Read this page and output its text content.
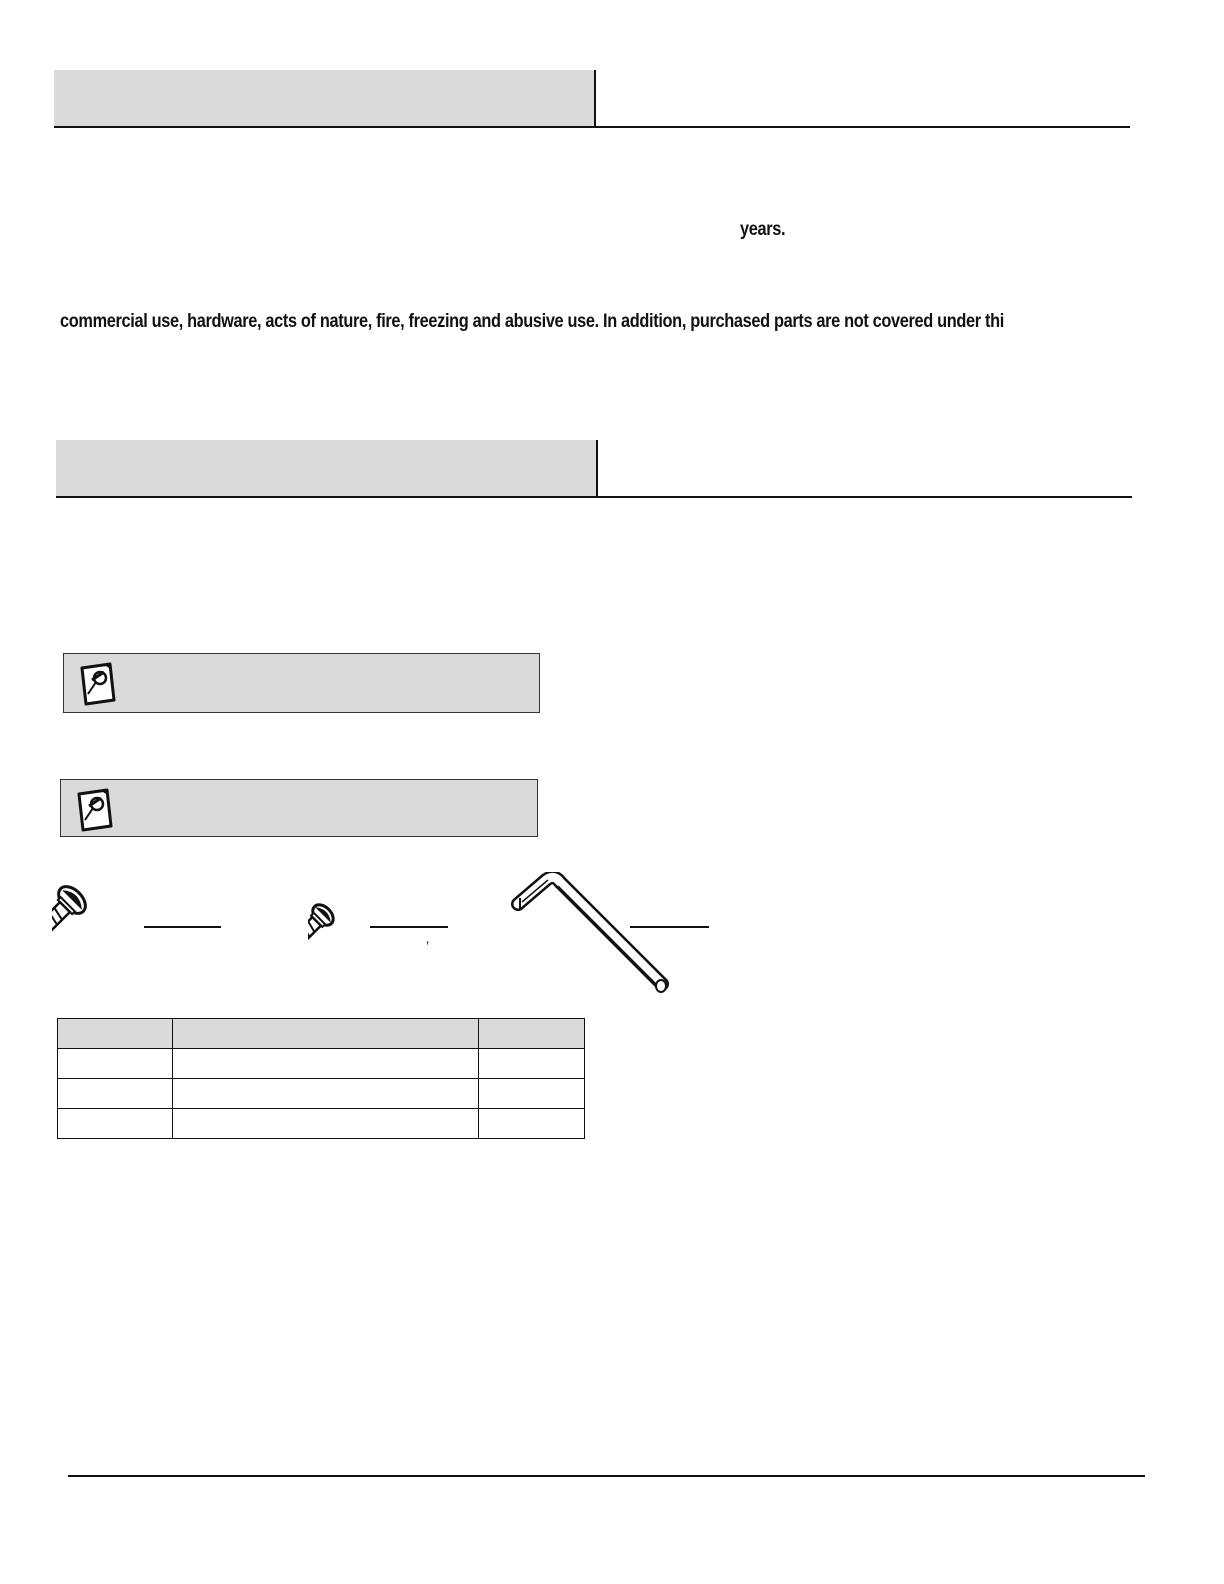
years.
commercial use, hardware, acts of nature, fire, freezing and abusive use. In addition, purchased parts are not covered under thi
’
